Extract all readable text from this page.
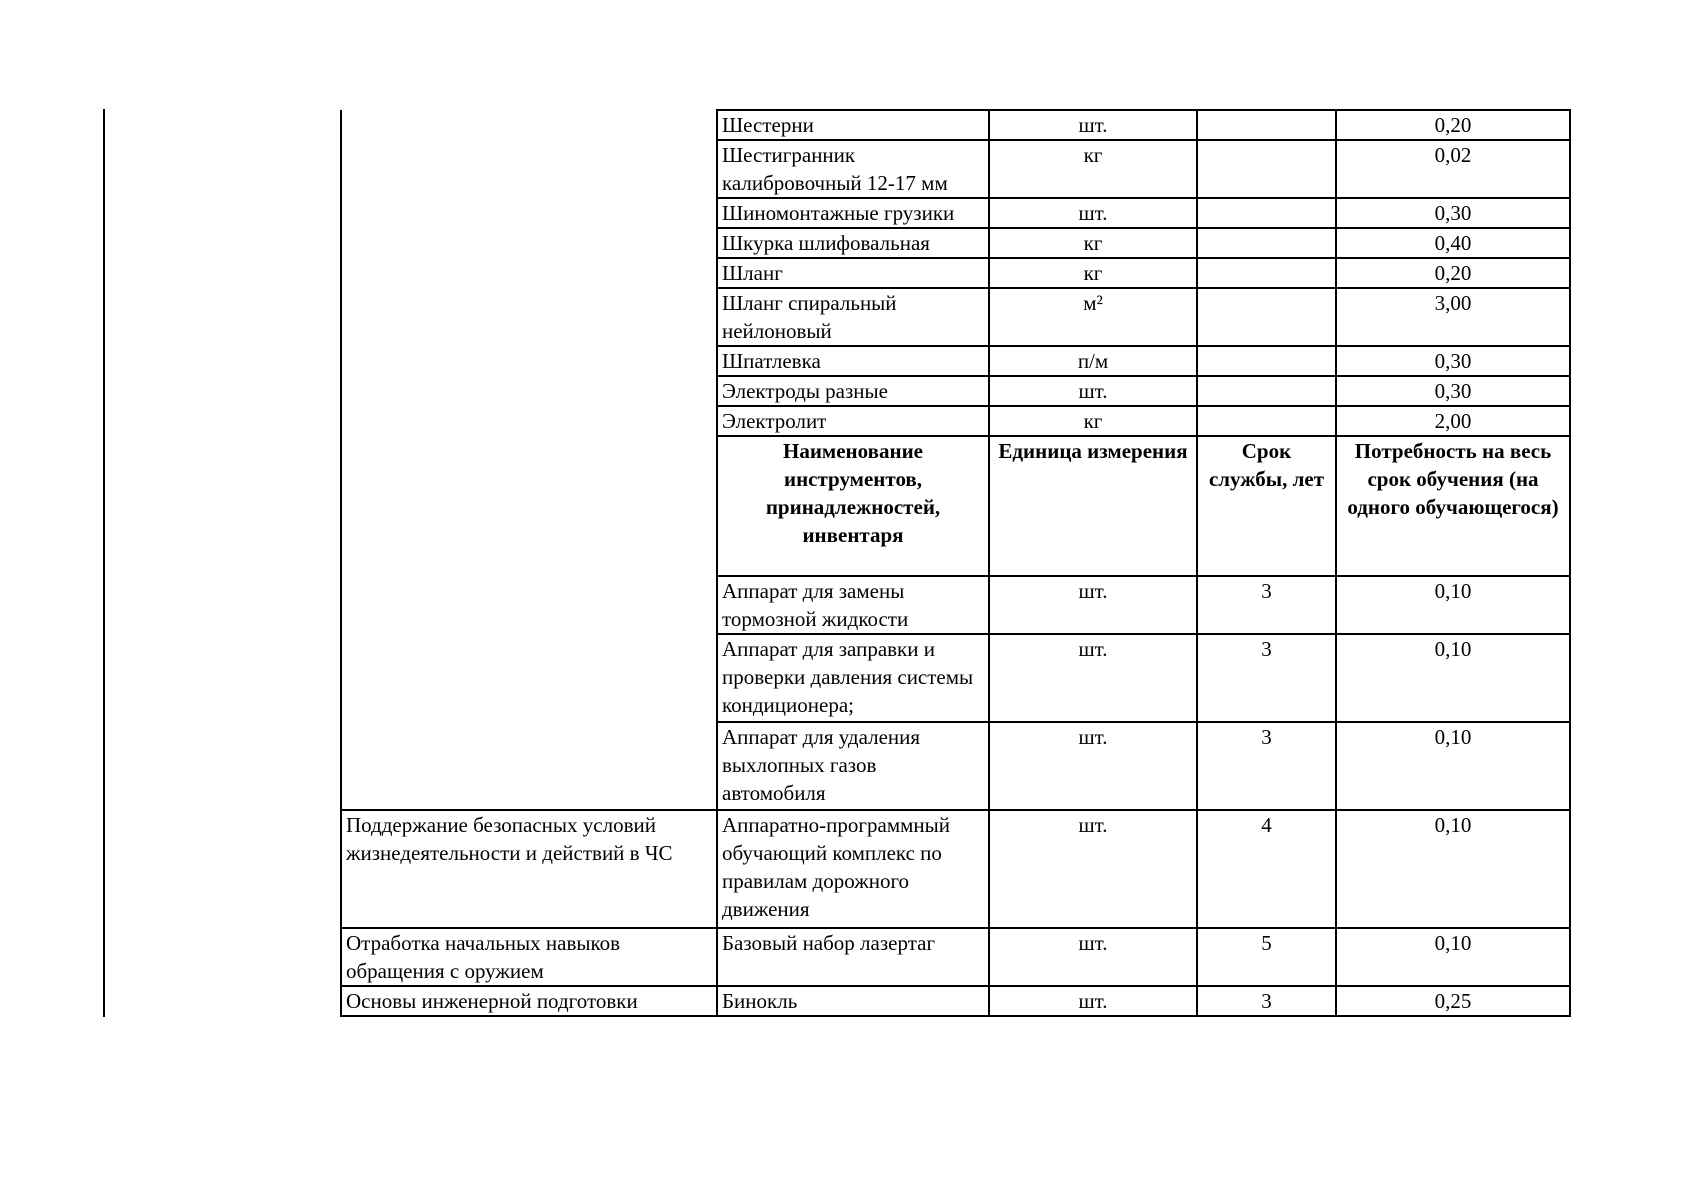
	Шестерни	шт.		0,20
	Шестигранник калибровочный 12-17 мм	кг		0,02
	Шиномонтажные грузики	шт.		0,30
	Шкурка шлифовальная	кг		0,40
	Шланг	кг		0,20
	Шланг спиральный нейлоновый	м²		3,00
	Шпатлевка	п/м		0,30
	Электроды разные	шт.		0,30
	Электролит	кг		2,00
	Наименование инструментов, принадлежностей, инвентаря	Единица измерения	Срок службы, лет	Потребность на весь срок обучения (на одного обучающегося)
	Аппарат для замены тормозной жидкости	шт.	3	0,10
	Аппарат для заправки и проверки давления системы кондиционера;	шт.	3	0,10
	Аппарат для удаления выхлопных газов автомобиля	шт.	3	0,10
Поддержание безопасных условий жизнедеятельности и действий в ЧС	Аппаратно-программный обучающий комплекс по правилам дорожного движения	шт.	4	0,10
Отработка начальных навыков обращения с оружием	Базовый набор лазертаг	шт.	5	0,10
Основы инженерной подготовки	Бинокль	шт.	3	0,25
